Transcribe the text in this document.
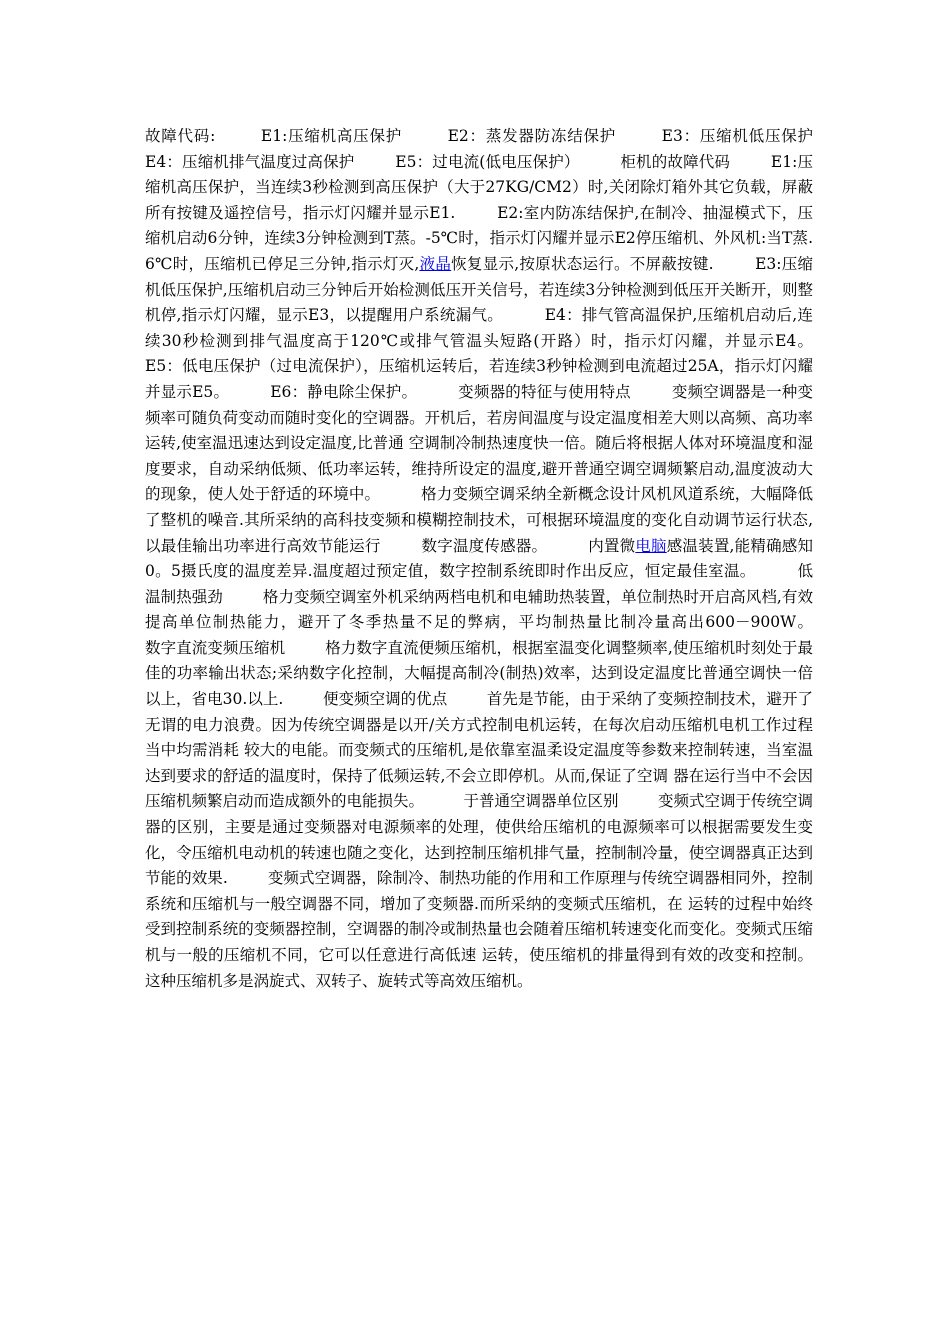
故障代码:        E1:压缩机高压保护        E2：蒸发器防冻结保护        E3：压缩机低压保护        E4：压缩机排气温度过高保护        E5：过电流(低电压保护）        柜机的故障代码        E1:压缩机高压保护，当连续3秒检测到高压保护（大于27KG/CM2）时,关闭除灯箱外其它负载，屏蔽所有按键及遥控信号，指示灯闪耀并显示E1.        E2:室内防冻结保护,在制冷、抽湿模式下，压缩机启动6分钟，连续3分钟检测到T蒸。-5℃时，指示灯闪耀并显示E2停压缩机、外风机:当T蒸.6℃时，压缩机已停足三分钟,指示灯灭,液晶恢复显示,按原状态运行。不屏蔽按键.        E3:压缩机低压保护,压缩机启动三分钟后开始检测低压开关信号，若连续3分钟检测到低压开关断开，则整机停,指示灯闪耀，显示E3，以提醒用户系统漏气。        E4：排气管高温保护,压缩机启动后,连续30秒检测到排气温度高于120℃或排气管温头短路(开路）时，指示灯闪耀，并显示E4。        E5：低电压保护（过电流保护），压缩机运转后，若连续3秒钟检测到电流超过25A，指示灯闪耀并显示E5。        E6：静电除尘保护。        变频器的特征与使用特点        变频空调器是一种变频率可随负荷变动而随时变化的空调器。开机后，若房间温度与设定温度相差大则以高频、高功率运转,使室温迅速达到设定温度,比普通 空调制冷制热速度快一倍。随后将根据人体对环境温度和湿度要求，自动采纳低频、低功率运转，维持所设定的温度,避开普通空调空调频繁启动,温度波动大的现象，使人处于舒适的环境中。        格力变频空调采纳全新概念设计风机风道系统，大幅降低了整机的噪音.其所采纳的高科技变频和模糊控制技术，可根据环境温度的变化自动调节运行状态,以最佳输出功率进行高效节能运行        数字温度传感器。        内置微电脑感温装置,能精确感知0。5摄氏度的温度差异.温度超过预定值，数字控制系统即时作出反应，恒定最佳室温。        低温制热强劲        格力变频空调室外机采纳两档电机和电辅助热装置，单位制热时开启高风档,有效提高单位制热能力，避开了冬季热量不足的弊病，平均制热量比制冷量高出600－900W。        数字直流变频压缩机        格力数字直流便频压缩机，根据室温变化调整频率,使压缩机时刻处于最佳的功率输出状态;采纳数字化控制，大幅提高制冷(制热)效率，达到设定温度比普通空调快一倍以上，省电30.以上.        便变频空调的优点        首先是节能，由于采纳了变频控制技术，避开了无谓的电力浪费。因为传统空调器是以开/关方式控制电机运转，在每次启动压缩机电机工作过程当中均需消耗 较大的电能。而变频式的压缩机,是依靠室温柔设定温度等参数来控制转速，当室温达到要求的舒适的温度时，保持了低频运转,不会立即停机。从而,保证了空调 器在运行当中不会因压缩机频繁启动而造成额外的电能损失。        于普通空调器单位区别        变频式空调于传统空调器的区别，主要是通过变频器对电源频率的处理，使供给压缩机的电源频率可以根据需要发生变化，令压缩机电动机的转速也随之变化，达到控制压缩机排气量，控制制冷量，使空调器真正达到节能的效果.        变频式空调器，除制冷、制热功能的作用和工作原理与传统空调器相同外，控制系统和压缩机与一般空调器不同，增加了变频器.而所采纳的变频式压缩机，在 运转的过程中始终受到控制系统的变频器控制，空调器的制冷或制热量也会随着压缩机转速变化而变化。变频式压缩机与一般的压缩机不同，它可以任意进行高低速 运转，使压缩机的排量得到有效的改变和控制。这种压缩机多是涡旋式、双转子、旋转式等高效压缩机。
